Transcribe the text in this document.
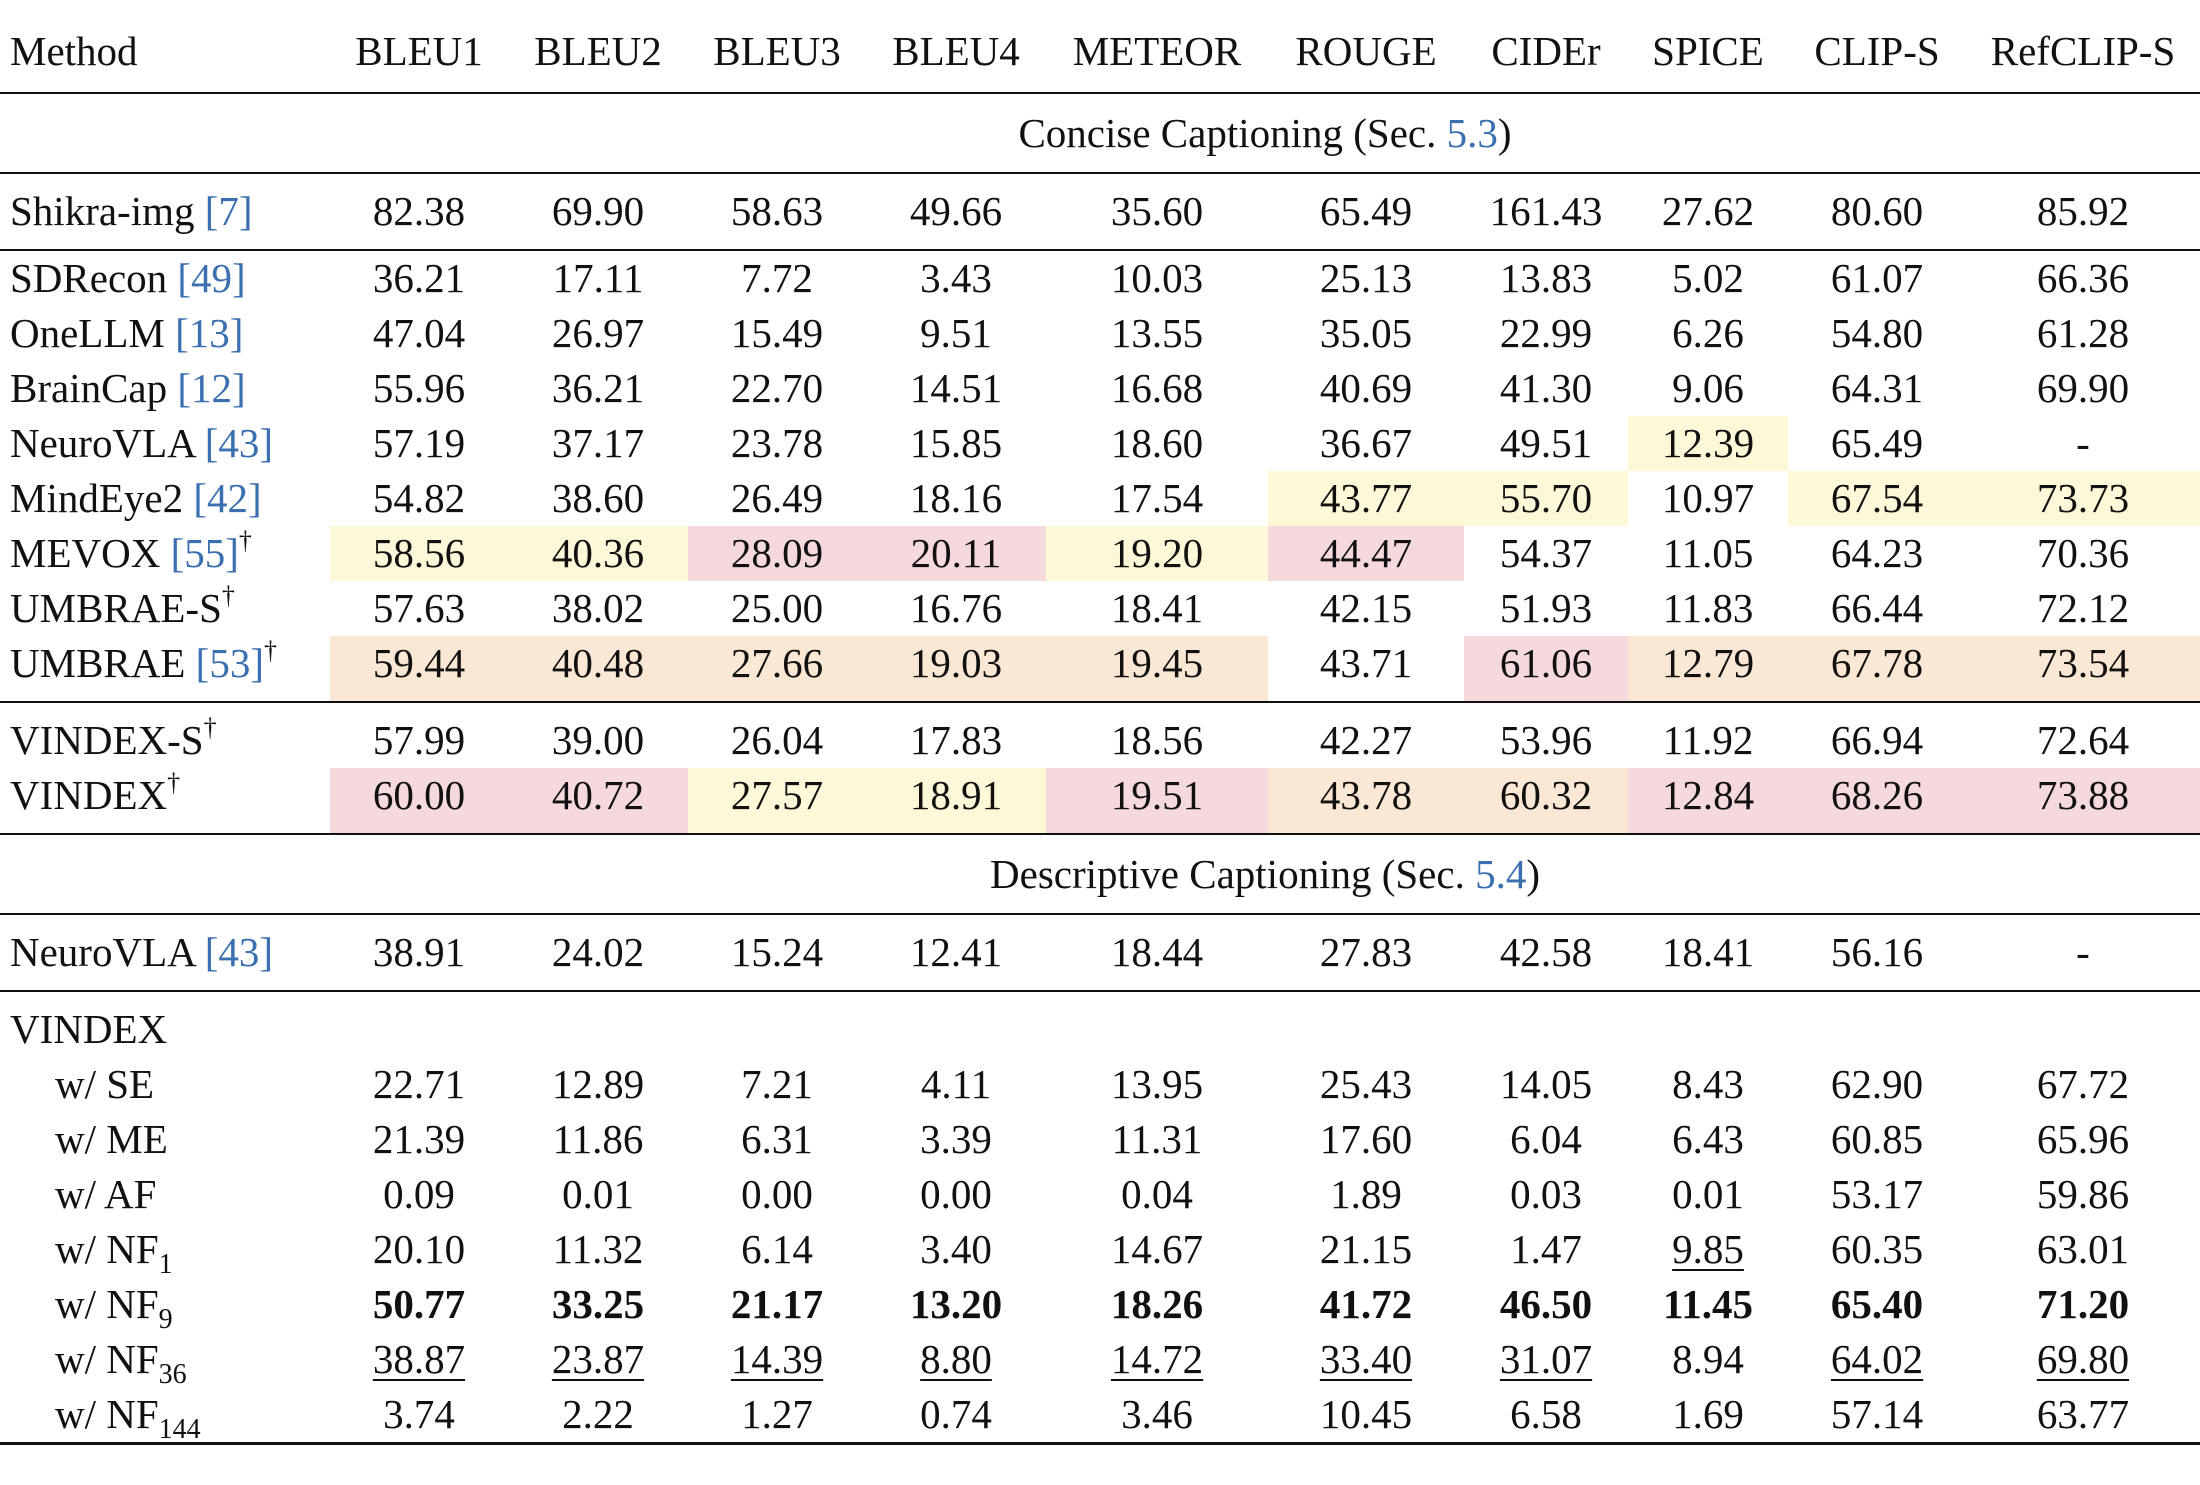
Method	BLEU1	BLEU2	BLEU3	BLEU4	METEOR	ROUGE	CIDEr	SPICE	CLIP-S	RefCLIP-S
	Concise Captioning (Sec. 5.3)									
Shikra-img [7]	82.38	69.90	58.63	49.66	35.60	65.49	161.43	27.62	80.60	85.92
SDRecon [49]	36.21	17.11	7.72	3.43	10.03	25.13	13.83	5.02	61.07	66.36
OneLLM [13]	47.04	26.97	15.49	9.51	13.55	35.05	22.99	6.26	54.80	61.28
BrainCap [12]	55.96	36.21	22.70	14.51	16.68	40.69	41.30	9.06	64.31	69.90
NeuroVLA [43]	57.19	37.17	23.78	15.85	18.60	36.67	49.51	12.39	65.49	-
MindEye2 [42]	54.82	38.60	26.49	18.16	17.54	43.77	55.70	10.97	67.54	73.73
MEVOX [55]†	58.56	40.36	28.09	20.11	19.20	44.47	54.37	11.05	64.23	70.36
UMBRAE-S†	57.63	38.02	25.00	16.76	18.41	42.15	51.93	11.83	66.44	72.12
UMBRAE [53]†	59.44	40.48	27.66	19.03	19.45	43.71	61.06	12.79	67.78	73.54
VINDEX-S†	57.99	39.00	26.04	17.83	18.56	42.27	53.96	11.92	66.94	72.64
VINDEX†	60.00	40.72	27.57	18.91	19.51	43.78	60.32	12.84	68.26	73.88
	Descriptive Captioning (Sec. 5.4)									
NeuroVLA [43]	38.91	24.02	15.24	12.41	18.44	27.83	42.58	18.41	56.16	-
VINDEX										
w/ SE	22.71	12.89	7.21	4.11	13.95	25.43	14.05	8.43	62.90	67.72
w/ ME	21.39	11.86	6.31	3.39	11.31	17.60	6.04	6.43	60.85	65.96
w/ AF	0.09	0.01	0.00	0.00	0.04	1.89	0.03	0.01	53.17	59.86
w/ $NF_1$	20.10	11.32	6.14	3.40	14.67	21.15	1.47	9.85	60.35	63.01
w/ $NF_9$	50.77	33.25	21.17	13.20	18.26	41.72	46.50	11.45	65.40	71.20
w/ $NF_{36}$	38.87	23.87	14.39	8.80	14.72	33.40	31.07	8.94	64.02	69.80
w/ $NF_{144}$	3.74	2.22	1.27	0.74	3.46	10.45	6.58	1.69	57.14	63.77
